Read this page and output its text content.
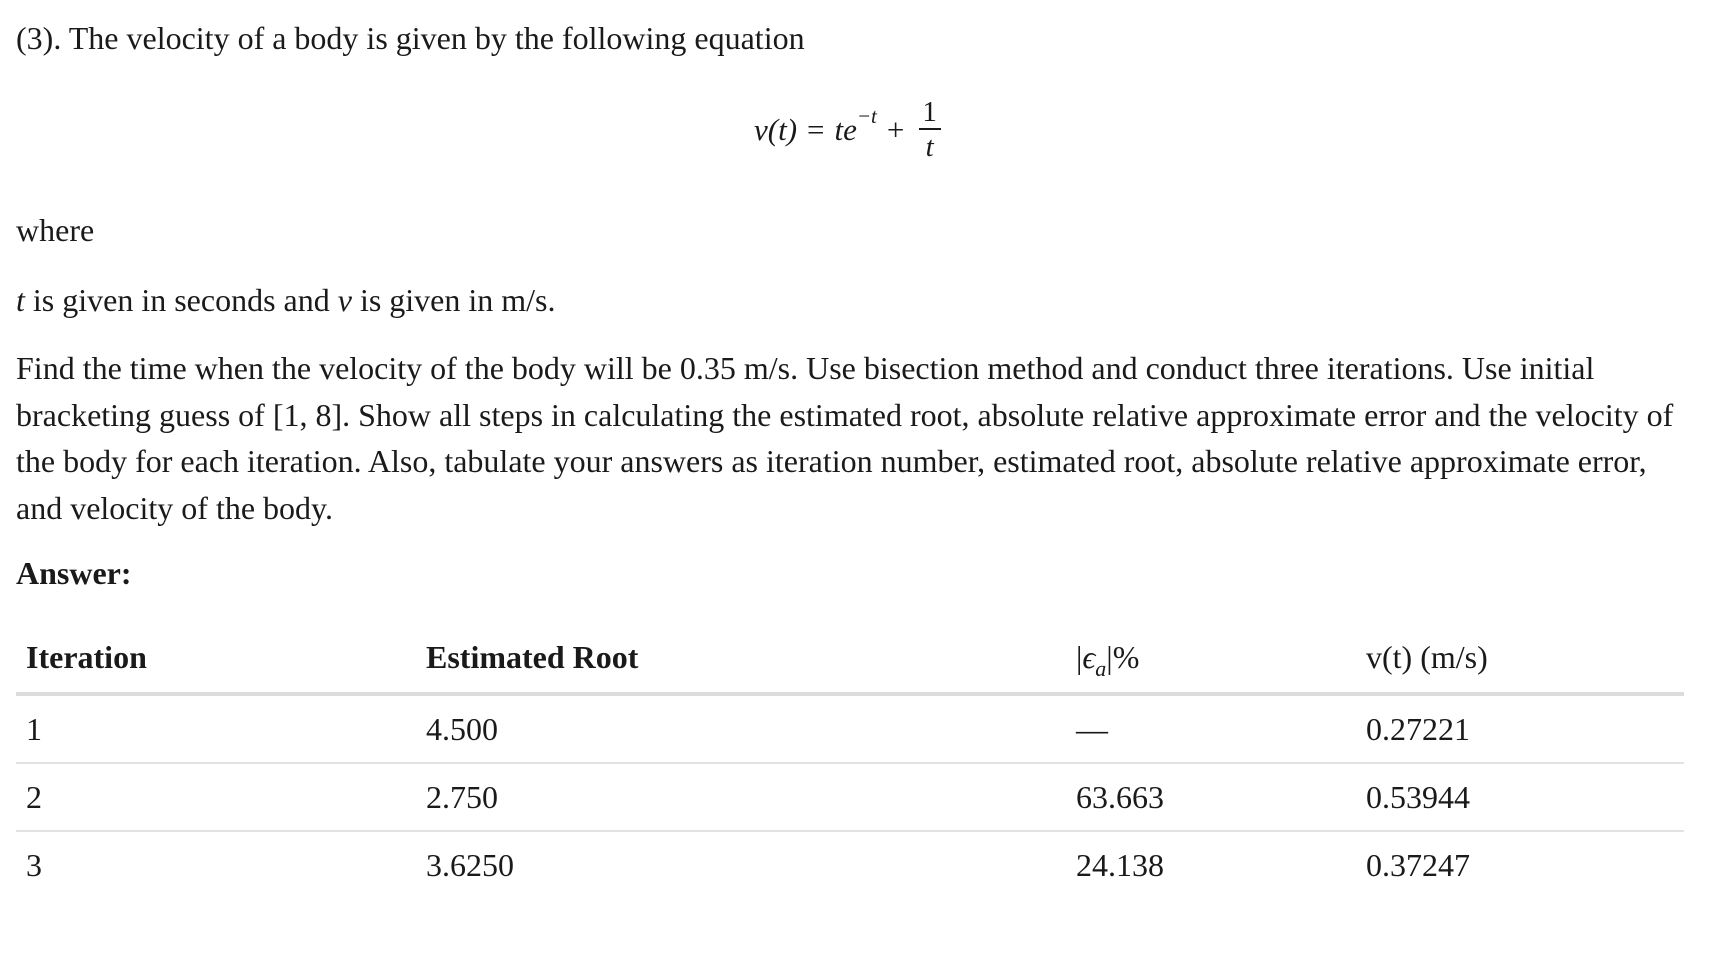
(3). The velocity of a body is given by the following equation
v(t) = te $-t + \frac{1}{t}$
where
t is given in seconds and v is given in m/s.
Find the time when the velocity of the body will be 0.35 m/s. Use bisection method and conduct three iterations. Use initial bracketing guess of [1, 8]. Show all steps in calculating the estimated root, absolute relative approximate error and the velocity of the body for each iteration. Also, tabulate your answers as iteration number, estimated root, absolute relative approximate error, and velocity of the body.
Answer:
Iteration	Estimated Root	$|\epsilon_a|\%$	v(t) (m/s)
1	4.500	—	0.27221
2	2.750	63.663	0.53944
3	3.6250	24.138	0.37247
